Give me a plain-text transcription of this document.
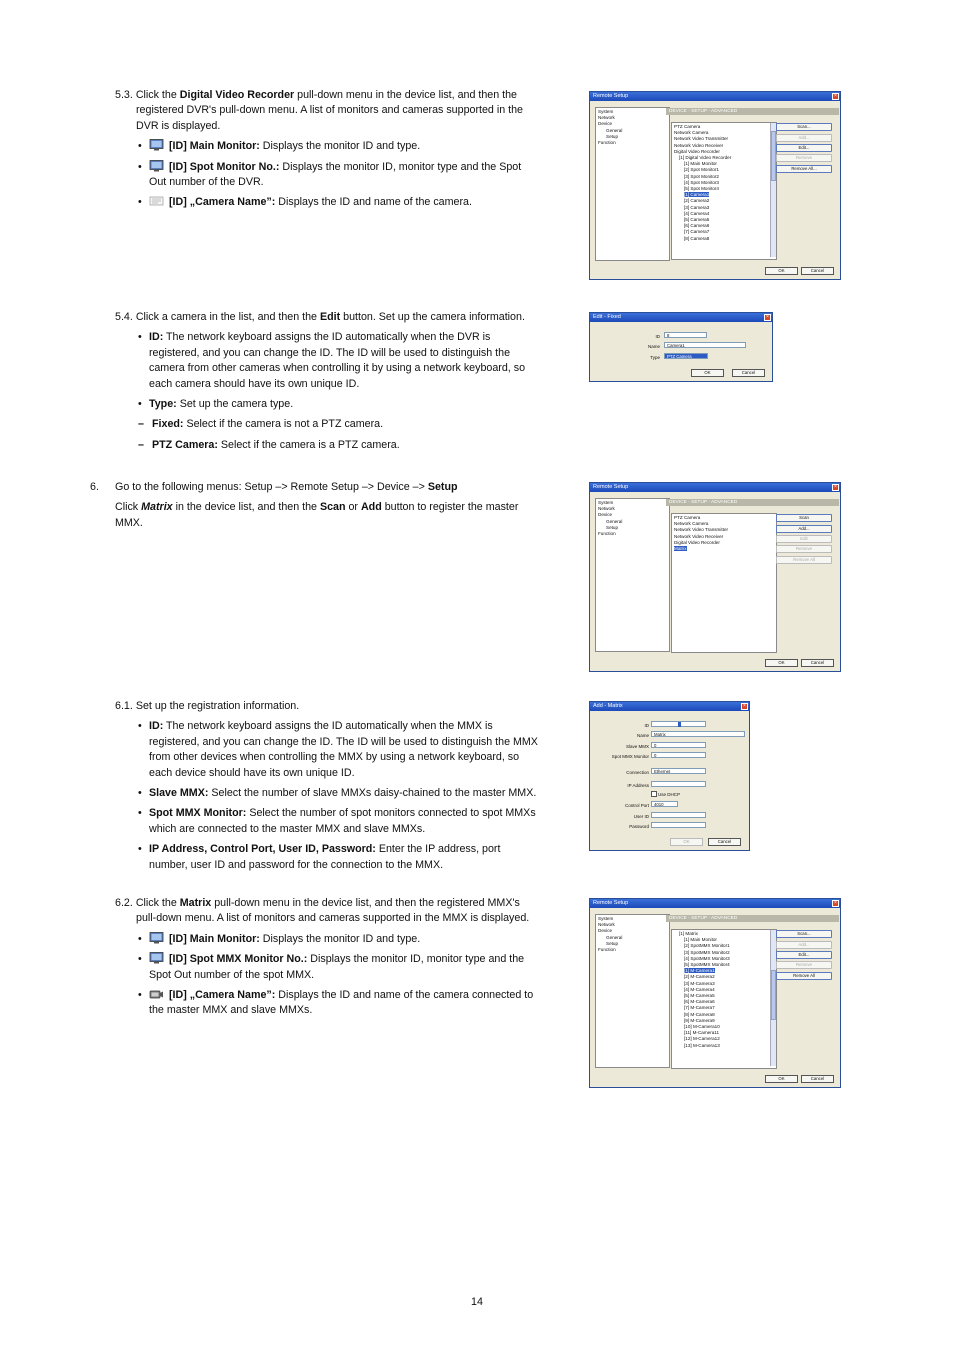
5.3. Click the Digital Video Recorder pull-down menu in the device list, and then the registered DVR's pull-down menu. A list of monitors and cameras supported in the DVR is displayed.

•	[ID] Main Monitor: Displays the monitor ID and type.
•	[ID] Spot Monitor No.: Displays the monitor ID, monitor type and the Spot Out number of the DVR.
•	[ID] „Camera Name”: Displays the ID and name of the camera.
Remote Setup	×
System
Network
Device
General
Setup
Function
DEVICE - SETUP - ADVANCED
PTZ Camera
Network Camera
Network Video Transmitter
Network Video Receiver
Digital Video Recorder
[1] Digital Video Recorder
[1] Main Monitor
[2] Spot Monitor1
[3] Spot Monitor2
[4] Spot Monitor3
[5] Spot Monitor4
[1] Camera1
[2] Camera2
[3] Camera3
[4] Camera4
[5] Camera5
[6] Camera6
[7] Camera7
[8] Camera8
Scan...
Add...
Edit...
Remove
Remove All...
OK	Cancel

5.4. Click a camera in the list, and then the Edit button. Set up the camera information.

• ID: The network keyboard assigns the ID automatically when the DVR is registered, and you can change the ID. The ID will be used to distinguish the camera from other cameras when controlling it by using a network keyboard, so each camera should have its own unique ID.
• Type: Set up the camera type.
– Fixed: Select if the camera is not a PTZ camera.
– PTZ Camera: Select if the camera is a PTZ camera.
Edit - Fixed	×
ID	8
Name	Camera1
Type	PTZ Camera
OK	Cancel

6. Go to the following menus: Setup –> Remote Setup –> Device –> Setup

Click Matrix in the device list, and then the Scan or Add button to register the master MMX.

Remote Setup	×
System
Network
Device
General
Setup
Function
DEVICE - SETUP - ADVANCED
PTZ Camera
Network Camera
Network Video Transmitter
Network Video Receiver
Digital Video Recorder
Matrix
Scan
Add...
Edit
Remove
Remove All
OK	Cancel

6.1. Set up the registration information.

• ID: The network keyboard assigns the ID automatically when the MMX is registered, and you can change the ID. The ID will be used to distinguish the MMX from other devices when controlling the MMX by using a network keyboard, so each device should have its own unique ID.
• Slave MMX: Select the number of slave MMXs daisy-chained to the master MMX.
• Spot MMX Monitor: Select the number of spot monitors connected to spot MMXs which are connected to the master MMX and slave MMXs.
• IP Address, Control Port, User ID, Password: Enter the IP address, port number, user ID and password for the connection to the MMX.
Add - Matrix	×
ID
Name	Matrix
Slave MMX	0
Spot MMX Monitor	0
Connection	Ethernet
IP Address
Use DHCP
Control Port	4010
User ID
Password
OK	Cancel

6.2. Click the Matrix pull-down menu in the device list, and then the registered MMX's pull-down menu. A list of monitors and cameras supported in the MMX is displayed.

•	[ID] Main Monitor: Displays the monitor ID and type.
•	[ID] Spot MMX Monitor No.: Displays the monitor ID, monitor type and the Spot Out number of the spot MMX.
•	[ID] „Camera Name”: Displays the ID and name of the camera connected to the master MMX and slave MMXs.
Remote Setup	×
System
Network
Device
General
Setup
Function
DEVICE - SETUP - ADVANCED
[1] Matrix
[1] Main Monitor
[2] SpotMMX Monitor1
[3] SpotMMX Monitor2
[4] SpotMMX Monitor3
[5] SpotMMX Monitor4
[1] M-Camera1
[2] M-Camera2
[3] M-Camera3
[4] M-Camera4
[5] M-Camera5
[6] M-Camera6
[7] M-Camera7
[8] M-Camera8
[9] M-Camera9
[10] M-Camera10
[11] M-Camera11
[12] M-Camera12
[13] M-Camera13
Scan...
Add...
Edit...
Remove
Remove All
OK	Cancel
14
